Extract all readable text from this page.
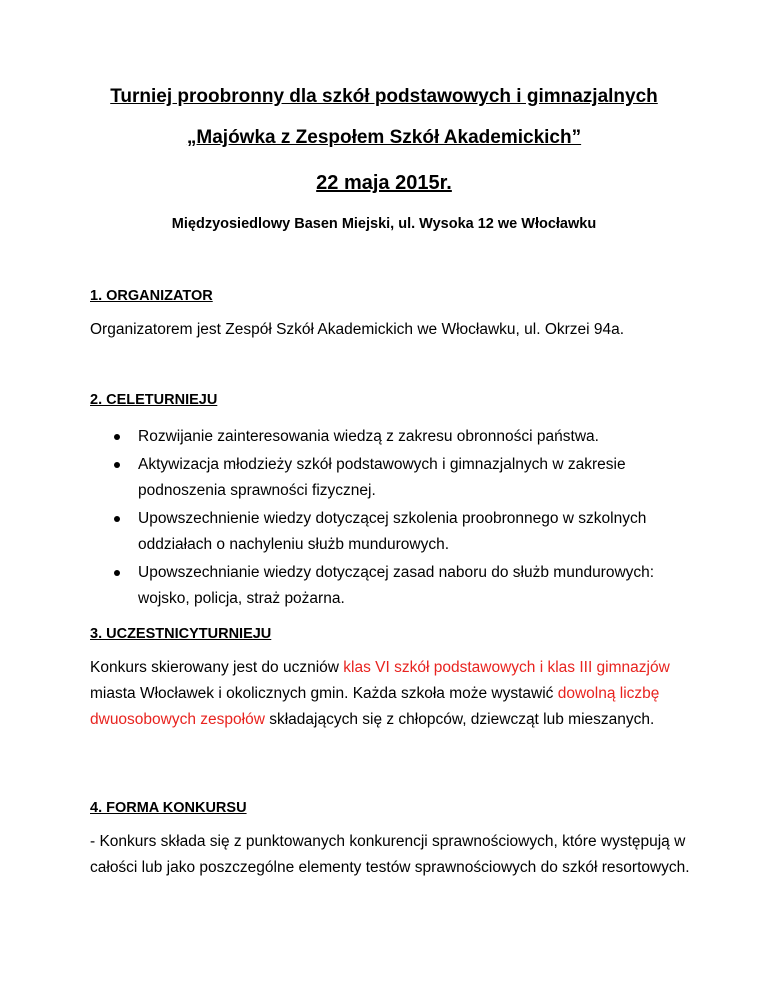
Turniej proobronny dla szkół podstawowych i gimnazjalnych
„Majówka z Zespołem Szkół Akademickich”
22 maja 2015r.
Międzyosiedlowy Basen Miejski, ul. Wysoka 12 we Włocławku
1. ORGANIZATOR
Organizatorem jest Zespół Szkół Akademickich we Włocławku, ul. Okrzei 94a.
2. CELETURNIEJU
Rozwijanie zainteresowania wiedzą z zakresu obronności państwa.
Aktywizacja młodzieży szkół podstawowych i gimnazjalnych w zakresie podnoszenia sprawności fizycznej.
Upowszechnienie wiedzy dotyczącej szkolenia proobronnego w szkolnych oddziałach o nachyleniu służb mundurowych.
Upowszechnianie wiedzy dotyczącej zasad naboru do służb mundurowych: wojsko, policja, straż pożarna.
3. UCZESTNICYTURNIEJU
Konkurs skierowany jest do uczniów klas VI szkół podstawowych i klas III gimnazjów miasta Włocławek i okolicznych gmin. Każda szkoła może wystawić dowolną liczbę dwuosobowych zespołów składających się z chłopców, dziewcząt lub mieszanych.
4. FORMA KONKURSU
- Konkurs składa się z punktowanych konkurencji sprawnościowych, które występują w całości lub jako poszczególne elementy testów sprawnościowych do szkół resortowych.
